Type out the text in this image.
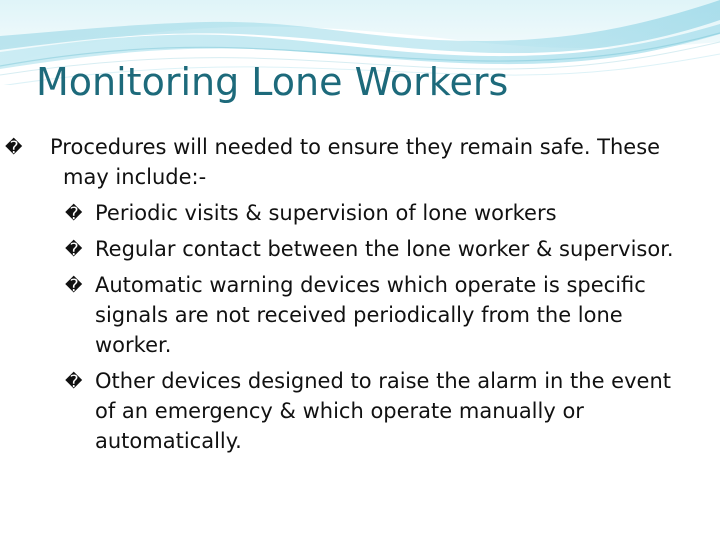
Monitoring Lone Workers
� Procedures will needed to ensure they remain safe. These may include:-
� Periodic visits & supervision of lone workers
� Regular contact between the lone worker & supervisor.
� Automatic warning devices which operate is specific signals are not received periodically from the lone worker.
� Other devices designed to raise the alarm in the event of an emergency & which operate manually or automatically.
